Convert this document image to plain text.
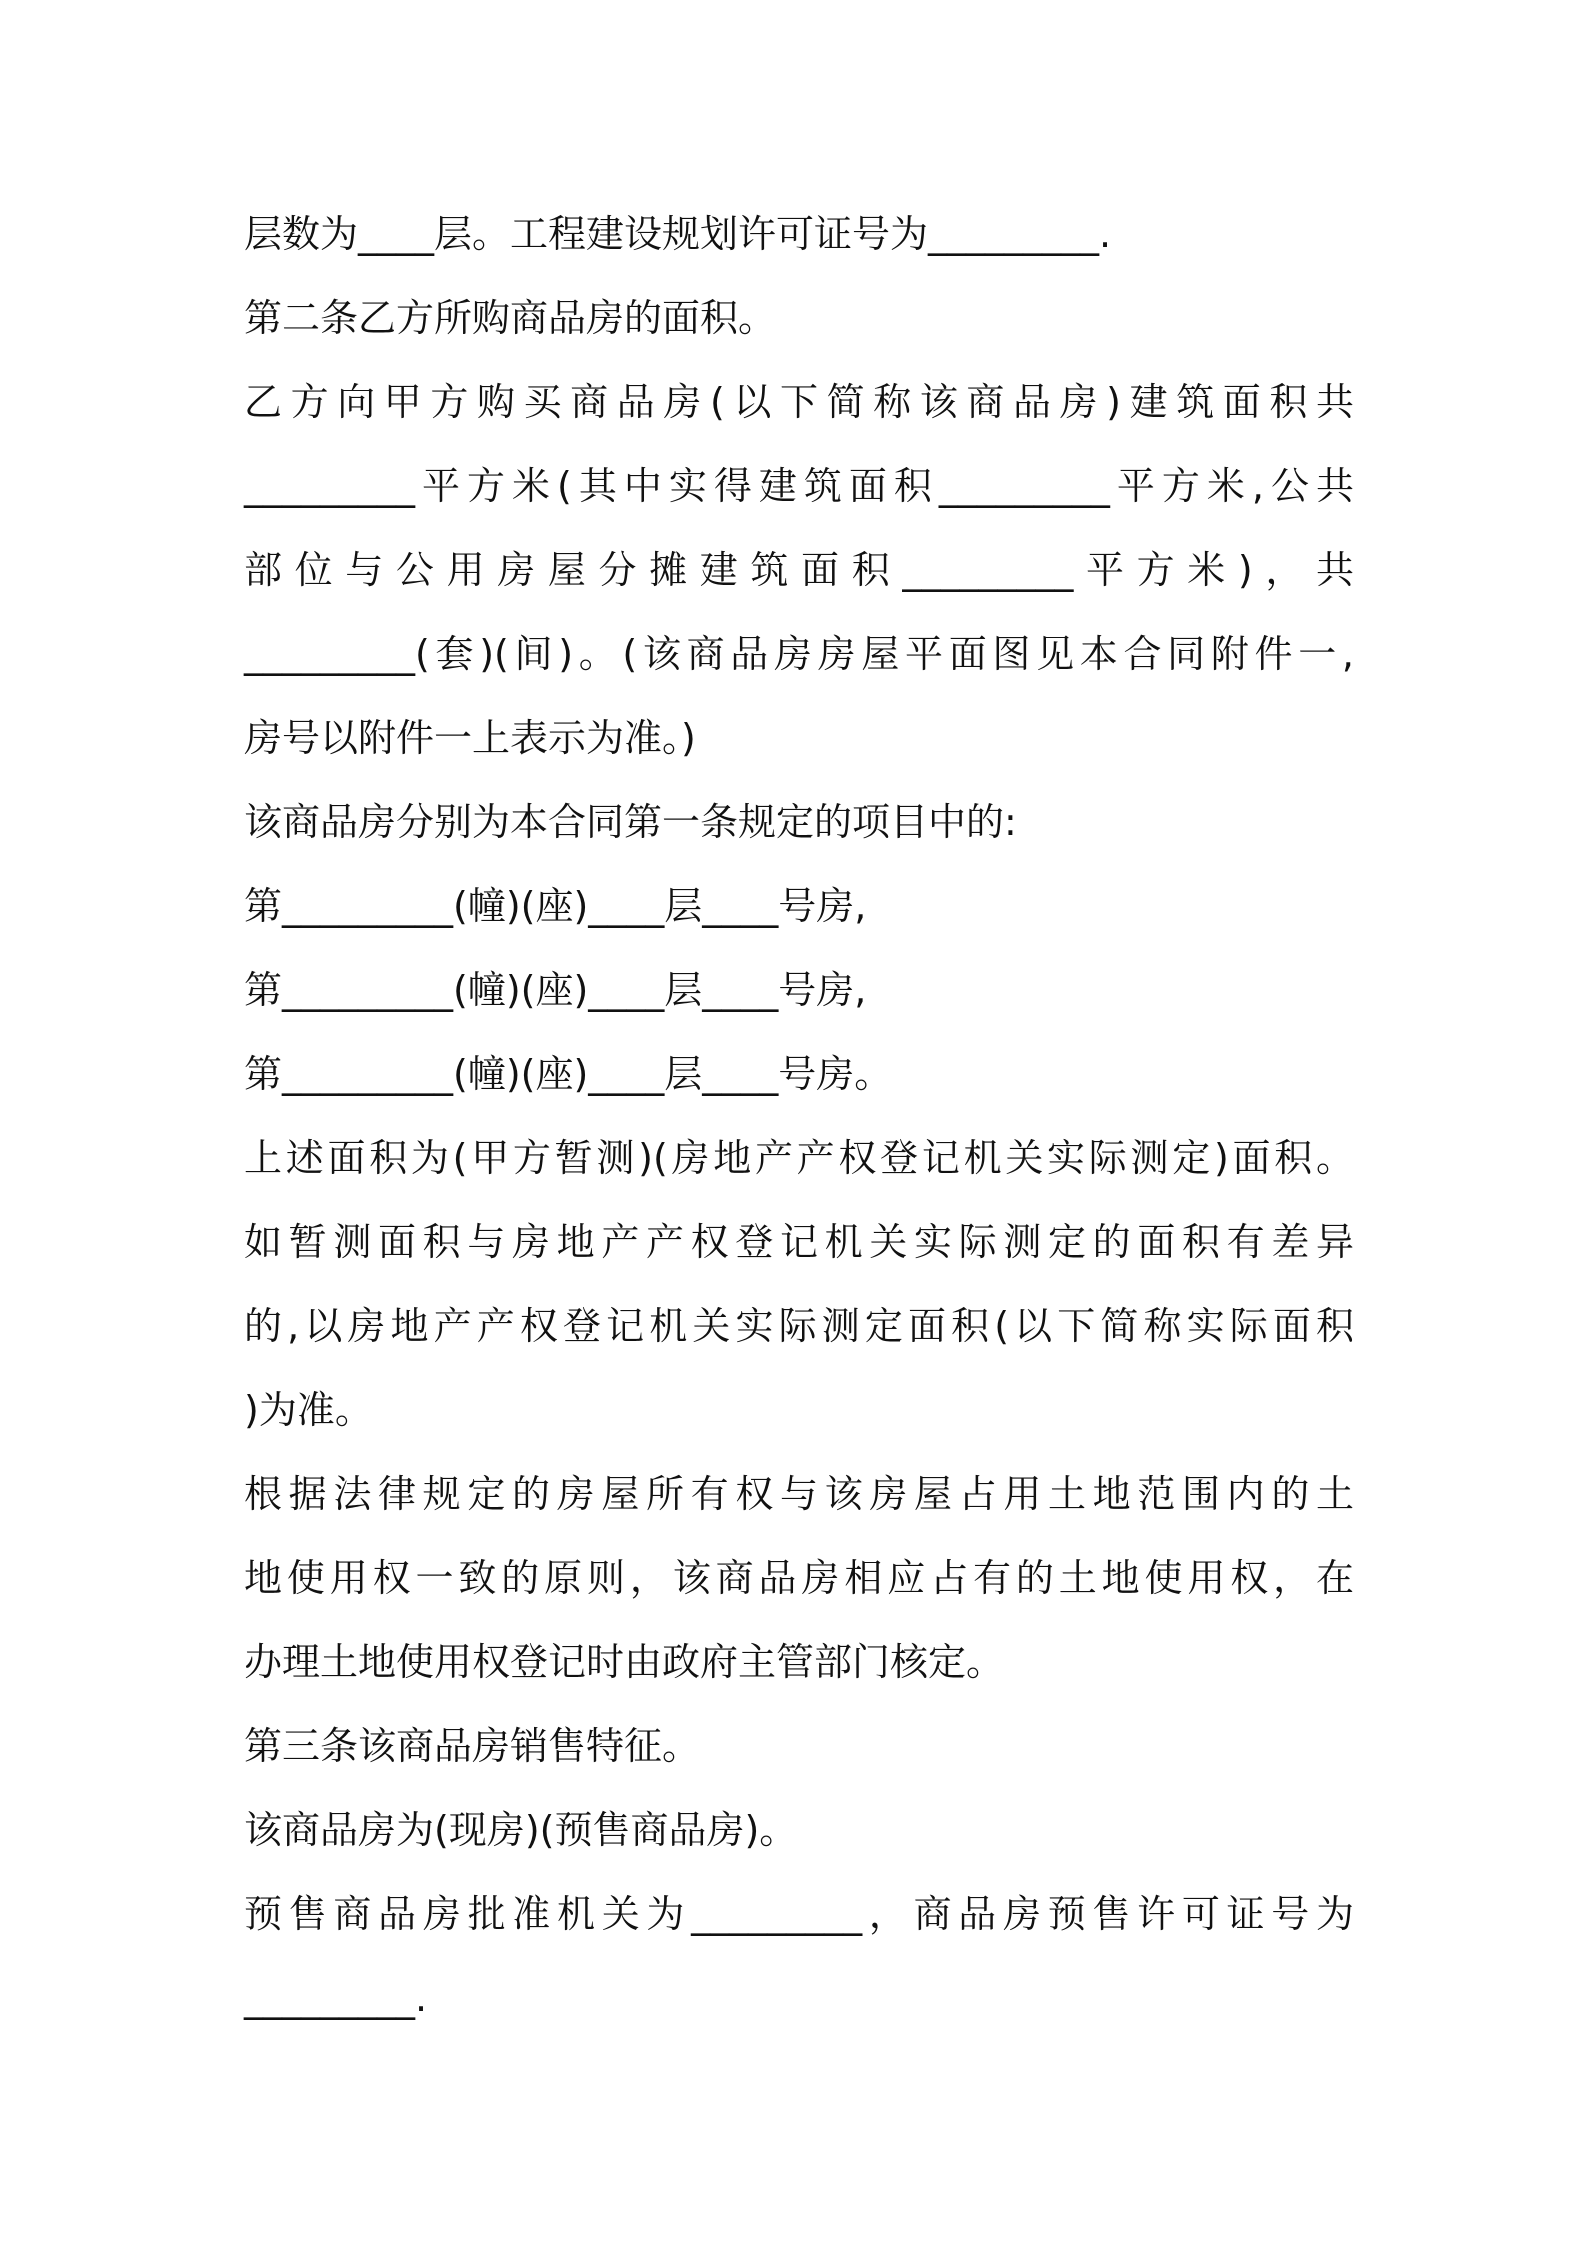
层数为____层。工程建设规划许可证号为_________.
第二条乙方所购商品房的面积。
乙方向甲方购买商品房(以下简称该商品房)建筑面积共
_________平方米(其中实得建筑面积_________平方米,公共
部位与公用房屋分摊建筑面积_________平方米)，共
_________(套)(间)。(该商品房房屋平面图见本合同附件一,
房号以附件一上表示为准。)
该商品房分别为本合同第一条规定的项目中的:
第_________(幢)(座)____层____号房,
第_________(幢)(座)____层____号房,
第_________(幢)(座)____层____号房。
上述面积为(甲方暂测)(房地产产权登记机关实际测定)面积。
如暂测面积与房地产产权登记机关实际测定的面积有差异
的,以房地产产权登记机关实际测定面积(以下简称实际面积
)为准。
根据法律规定的房屋所有权与该房屋占用土地范围内的土
地使用权一致的原则，该商品房相应占有的土地使用权，在
办理土地使用权登记时由政府主管部门核定。
第三条该商品房销售特征。
该商品房为(现房)(预售商品房)。
预售商品房批准机关为_________，商品房预售许可证号为
_________.
